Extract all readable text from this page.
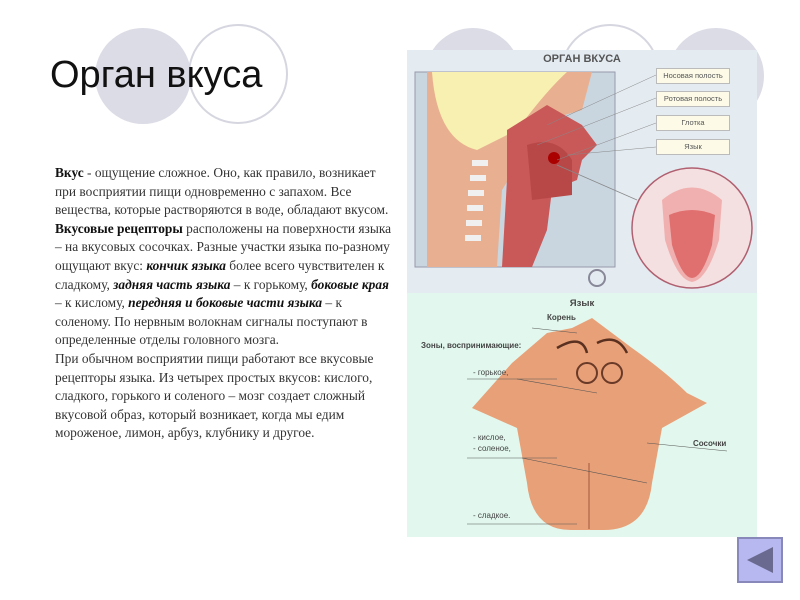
Орган вкуса

Вкус - ощущение сложное. Оно, как правило, возникает при восприятии пищи одновременно с запахом. Все вещества, которые растворяются в воде, обладают вкусом.

Вкусовые рецепторы расположены на поверхности языка – на вкусовых сосочках. Разные участки языка по-разному ощущают вкус: кончик языка более всего чувствителен к сладкому, задняя часть языка – к горькому, боковые края – к кислому, передняя и боковые части языка – к соленому. По нервным волокнам сигналы поступают в определенные отделы головного мозга.

При обычном восприятии пищи работают все вкусовые рецепторы языка. Из четырех простых вкусов: кислого, сладкого, горького и соленого – мозг создает сложный вкусовой образ, который возникает, когда мы едим мороженое, лимон, арбуз, клубнику и другое.

ОРГАН ВКУСА
Носовая полость
Ротовая полость
Глотка
Язык
Язык
Корень
Зоны, воспринимающие:
- горькое,
- кислое,
- соленое,
- сладкое.
Сосочки
